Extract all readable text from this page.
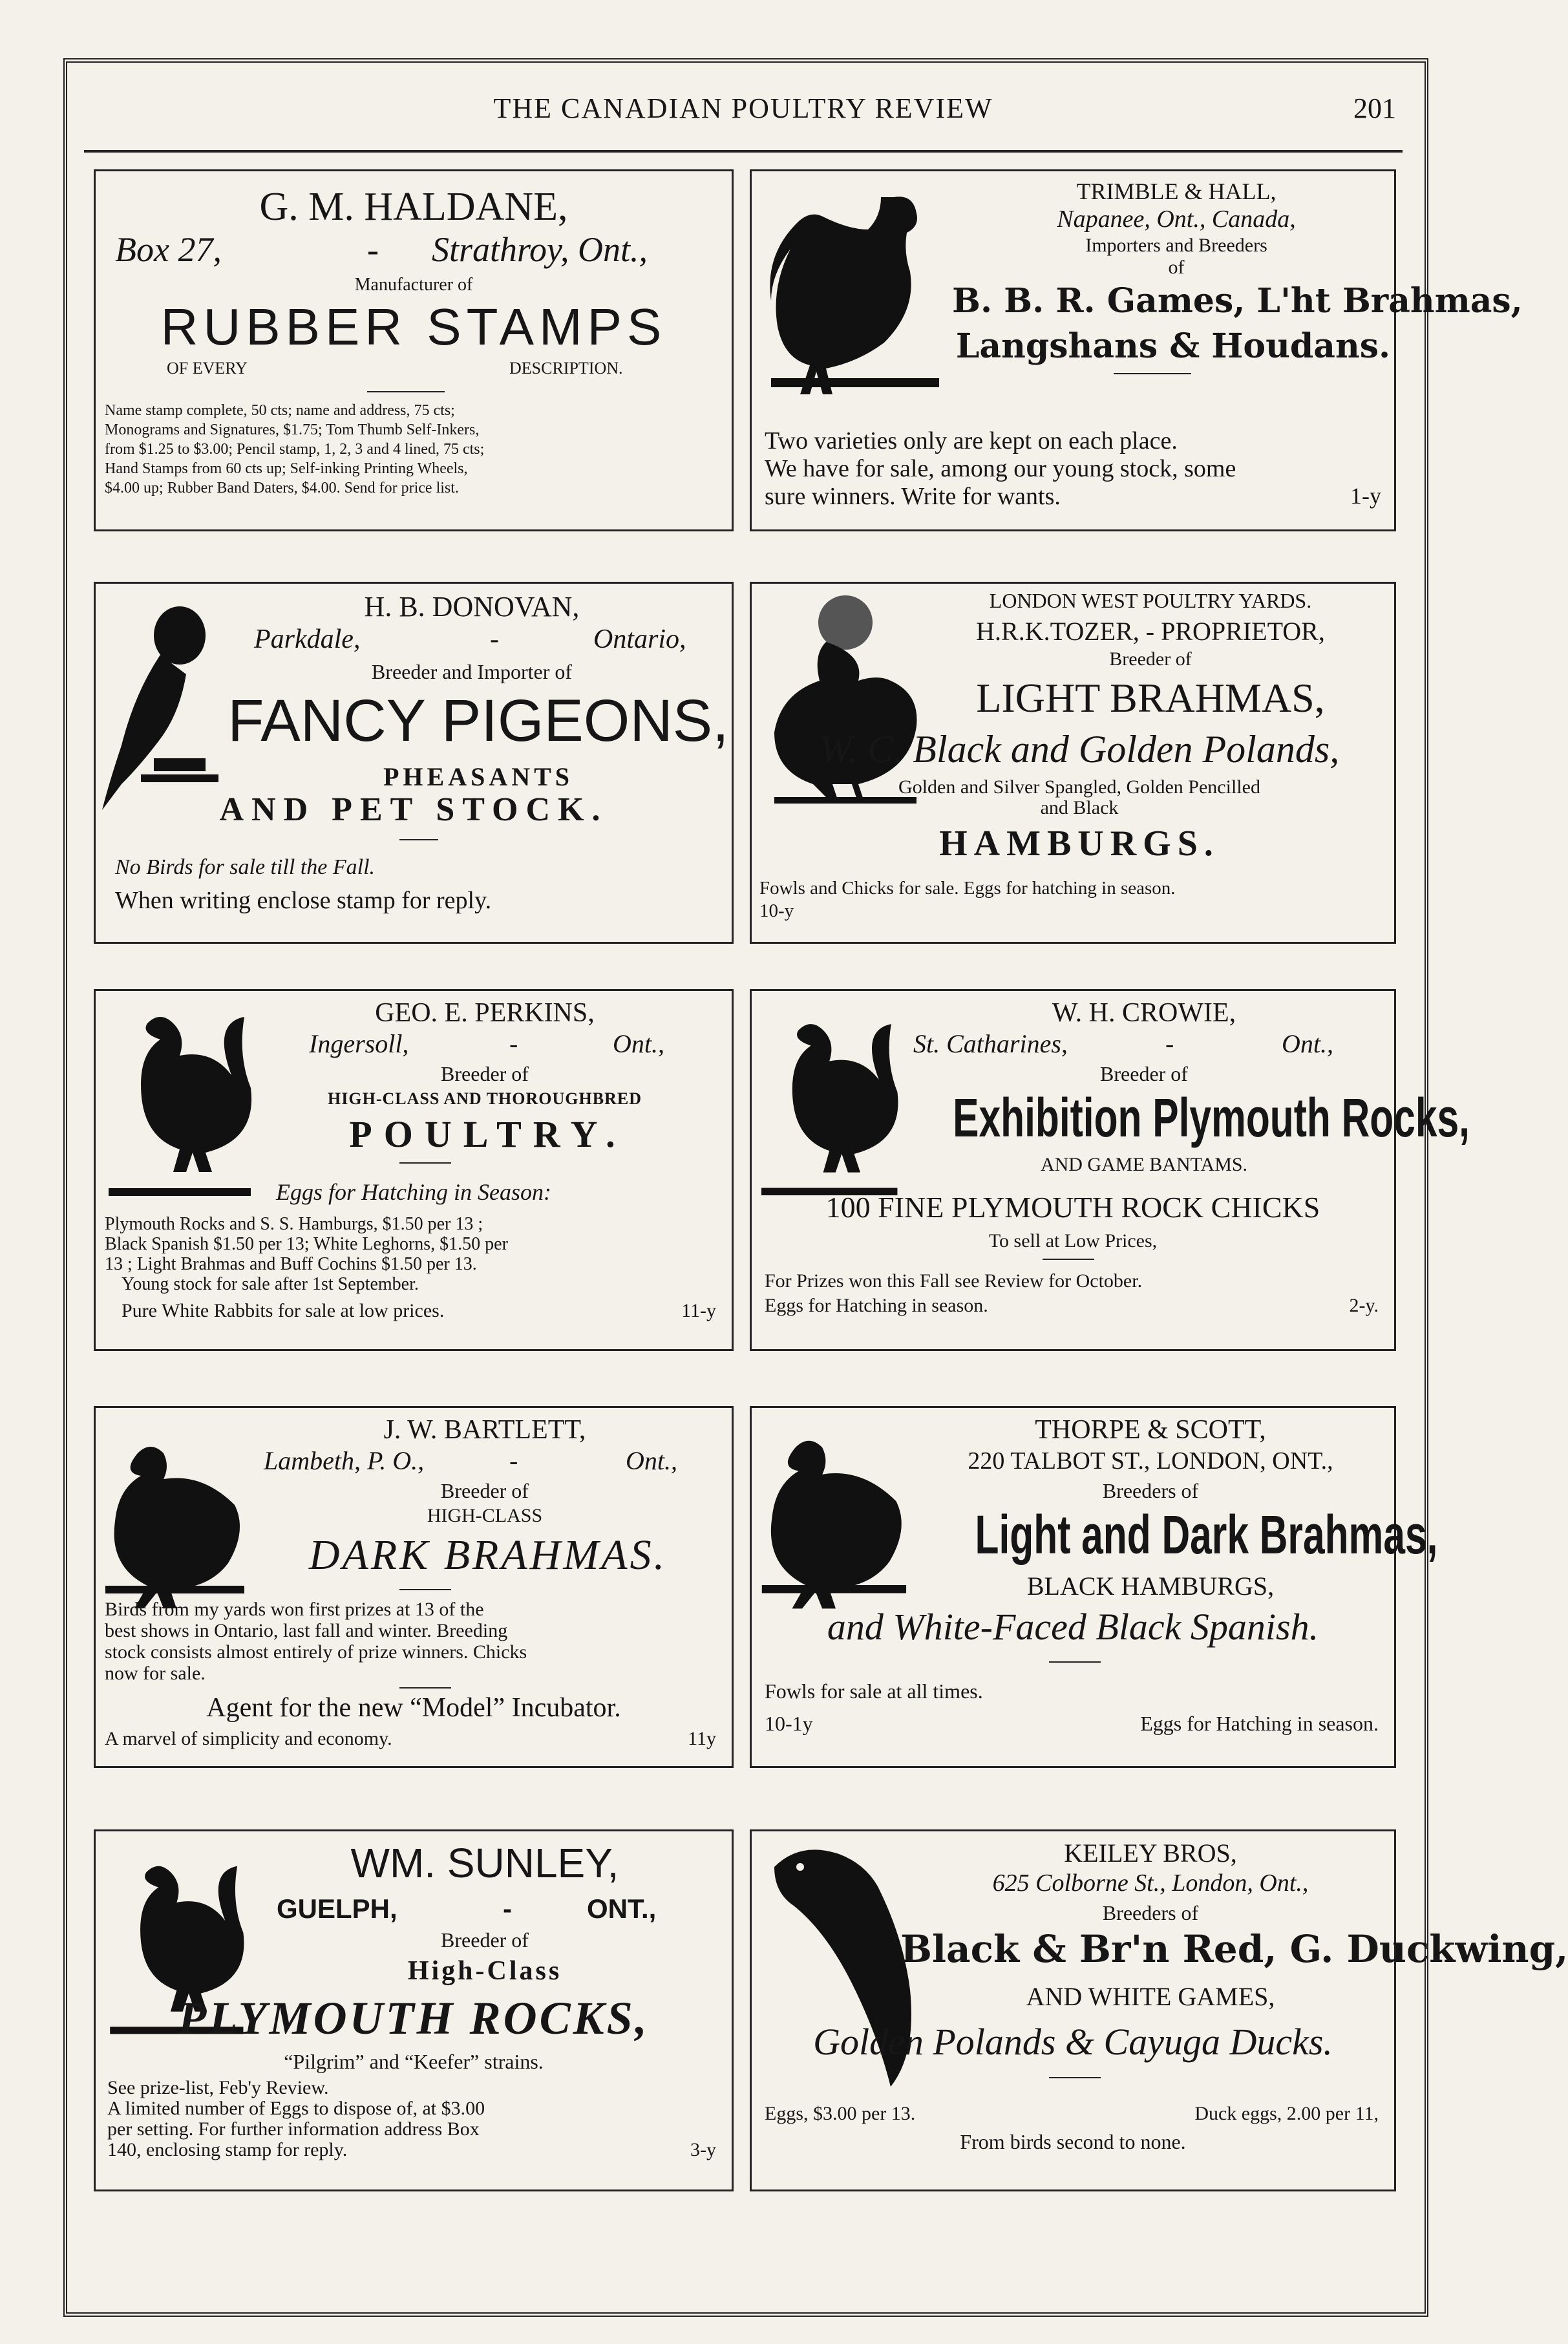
THE CANADIAN POULTRY REVIEW	201
G. M. HALDANE,
Box 27,	- Strathroy, Ont.,
Manufacturer of
RUBBER STAMPS
OF EVERY	DESCRIPTION.
Name stamp complete, 50 cts; name and address, 75 cts;
Monograms and Signatures, $1.75; Tom Thumb Self-Inkers,
from $1.25 to $3.00; Pencil stamp, 1, 2, 3 and 4 lined, 75 cts;
Hand Stamps from 60 cts up; Self-inking Printing Wheels,
$4.00 up; Rubber Band Daters, $4.00. Send for price list.
TRIMBLE & HALL,
Napanee, Ont., Canada,
Importers and Breeders
of
B. B. R. Games, L'ht Brahmas,
Langshans & Houdans.
Two varieties only are kept on each place.
We have for sale, among our young stock, some
sure winners. Write for wants.	1-y
H. B. DONOVAN,
Parkdale,	-	Ontario,
Breeder and Importer of
FANCY PIGEONS,
PHEASANTS
AND PET STOCK.
No Birds for sale till the Fall.
When writing enclose stamp for reply.
LONDON WEST POULTRY YARDS.
H.R.K.TOZER, - PROPRIETOR,
Breeder of
LIGHT BRAHMAS,
W. C. Black and Golden Polands,
Golden and Silver Spangled, Golden Pencilled
and Black
HAMBURGS.
Fowls and Chicks for sale. Eggs for hatching in season.
10-y
GEO. E. PERKINS,
Ingersoll,	-	Ont.,
Breeder of
HIGH-CLASS AND THOROUGHBRED
POULTRY.
Eggs for Hatching in Season:
Plymouth Rocks and S. S. Hamburgs, $1.50 per 13 ;
Black Spanish $1.50 per 13; White Leghorns, $1.50 per
13 ; Light Brahmas and Buff Cochins $1.50 per 13.
Young stock for sale after 1st September.
Pure White Rabbits for sale at low prices.	11-y
W. H. CROWIE,
St. Catharines,	-	Ont.,
Breeder of
Exhibition Plymouth Rocks,
AND GAME BANTAMS.
100 FINE PLYMOUTH ROCK CHICKS
To sell at Low Prices,
For Prizes won this Fall see Review for October.
Eggs for Hatching in season.	2-y.
J. W. BARTLETT,
Lambeth, P. O.,	-	Ont.,
Breeder of
HIGH-CLASS
DARK BRAHMAS.
Birds from my yards won first prizes at 13 of the
best shows in Ontario, last fall and winter. Breeding
stock consists almost entirely of prize winners. Chicks
now for sale.
Agent for the new “Model” Incubator.
A marvel of simplicity and economy.	11y
THORPE & SCOTT,
220 TALBOT ST., LONDON, ONT.,
Breeders of
Light and Dark Brahmas,
BLACK HAMBURGS,
and White-Faced Black Spanish.
Fowls for sale at all times.
10-1y	Eggs for Hatching in season.
WM. SUNLEY,
GUELPH,	-	ONT.,
Breeder of
High-Class
PLYMOUTH ROCKS,
“Pilgrim” and “Keefer” strains.
See prize-list, Feb'y Review.
A limited number of Eggs to dispose of, at $3.00
per setting. For further information address Box
140, enclosing stamp for reply.	3-y
KEILEY BROS,
625 Colborne St., London, Ont.,
Breeders of
Black & Br'n Red, G. Duckwing,
AND WHITE GAMES,
Golden Polands & Cayuga Ducks.
Eggs, $3.00 per 13.	Duck eggs, 2.00 per 11,
From birds second to none.
